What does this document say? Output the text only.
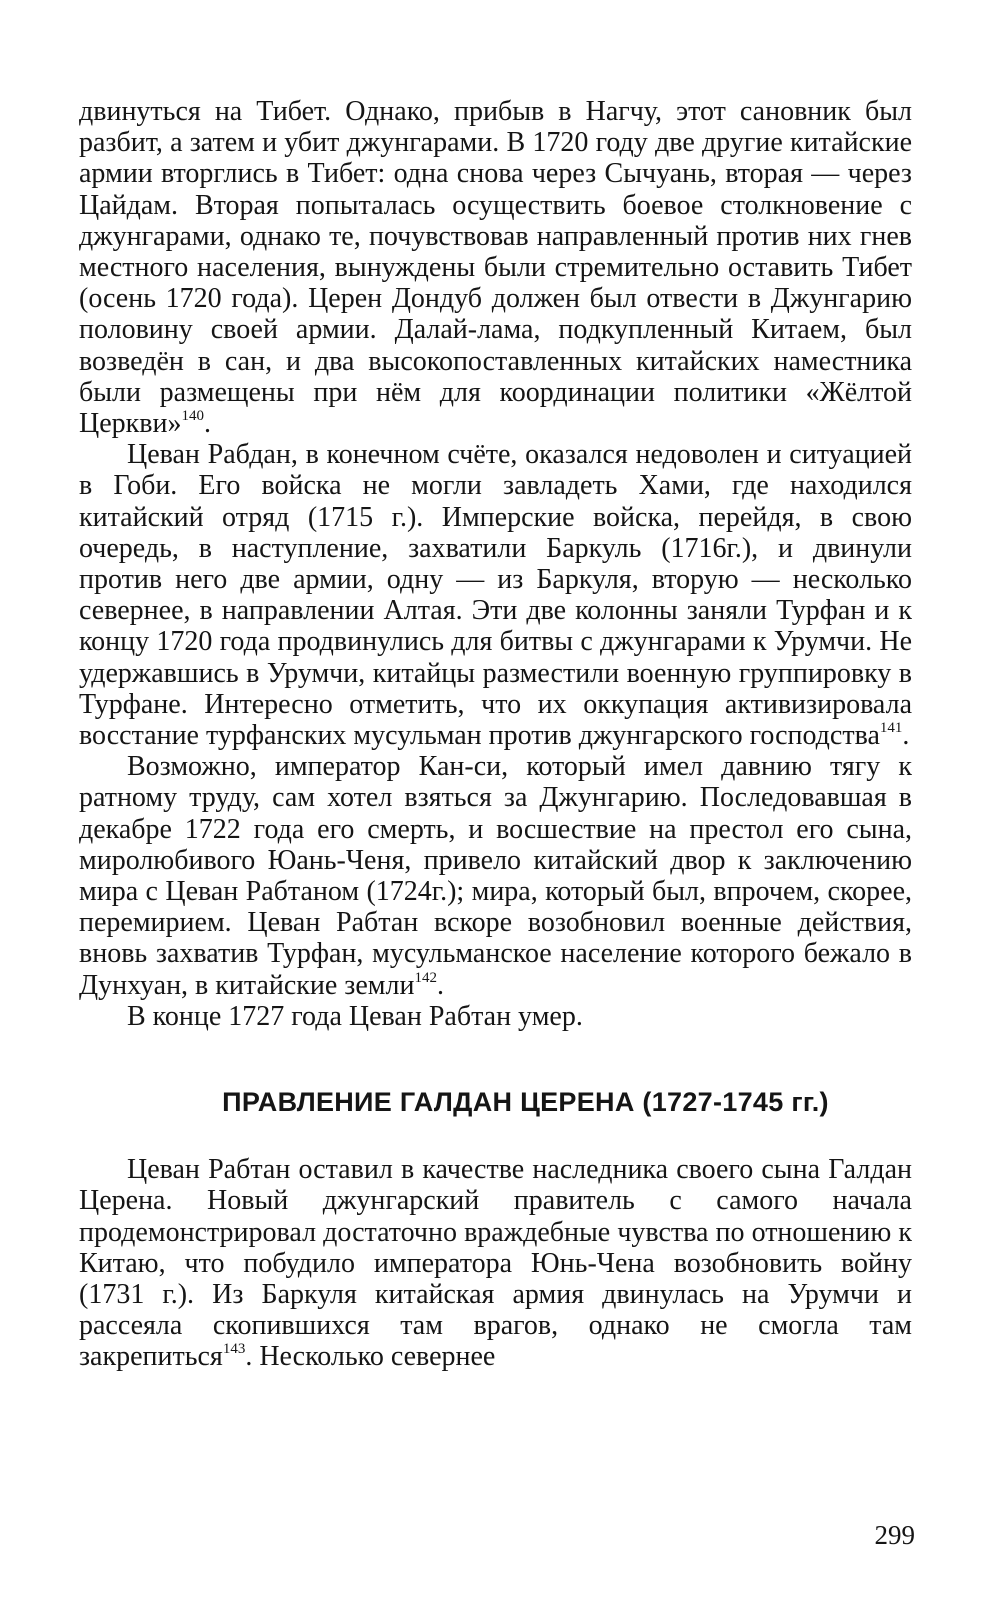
двинуться на Тибет. Однако, прибыв в Нагчу, этот сановник был разбит, а затем и убит джунгарами. В 1720 году две другие китайские армии вторглись в Тибет: одна снова через Сычуань, вторая — через Цайдам. Вторая попыталась осуществить боевое столкновение с джунгарами, однако те, почувствовав направленный против них гнев местного населения, вынуждены были стремительно оставить Тибет (осень 1720 года). Церен Дондуб должен был отвести в Джунгарию половину своей армии. Далай-лама, подкупленный Китаем, был возведён в сан, и два высокопоставленных китайских наместника были размещены при нём для координации политики «Жёлтой Церкви»$^{140}$.

Цеван Рабдан, в конечном счёте, оказался недоволен и ситуацией в Гоби. Его войска не могли завладеть Хами, где находился китайский отряд (1715 г.). Имперские войска, перейдя, в свою очередь, в наступление, захватили Баркуль (1716г.), и двинули против него две армии, одну — из Баркуля, вторую — несколько севернее, в направлении Алтая. Эти две колонны заняли Турфан и к концу 1720 года продвинулись для битвы с джунгарами к Урумчи. Не удержавшись в Урумчи, китайцы разместили военную группировку в Турфане. Интересно отметить, что их оккупация активизировала восстание турфанских мусульман против джунгарского господства$^{141}$.

Возможно, император Кан-си, который имел давнию тягу к ратному труду, сам хотел взяться за Джунгарию. Последовавшая в декабре 1722 года его смерть, и восшествие на престол его сына, миролюбивого Юань-Ченя, привело китайский двор к заключению мира с Цеван Рабтаном (1724г.); мира, который был, впрочем, скорее, перемирием. Цеван Рабтан вскоре возобновил военные действия, вновь захватив Турфан, мусульманское население которого бежало в Дунхуан, в китайские земли$^{142}$.

В конце 1727 года Цеван Рабтан умер.

ПРАВЛЕНИЕ ГАЛДАН ЦЕРЕНА (1727-1745 гг.)

Цеван Рабтан оставил в качестве наследника своего сына Галдан Церена. Новый джунгарский правитель с самого начала продемонстрировал достаточно враждебные чувства по отношению к Китаю, что побудило императора Юнь-Чена возобновить войну (1731 г.). Из Баркуля китайская армия двинулась на Урумчи и рассеяла скопившихся там врагов, однако не смогла там закрепиться$^{143}$. Несколько севернее

299
